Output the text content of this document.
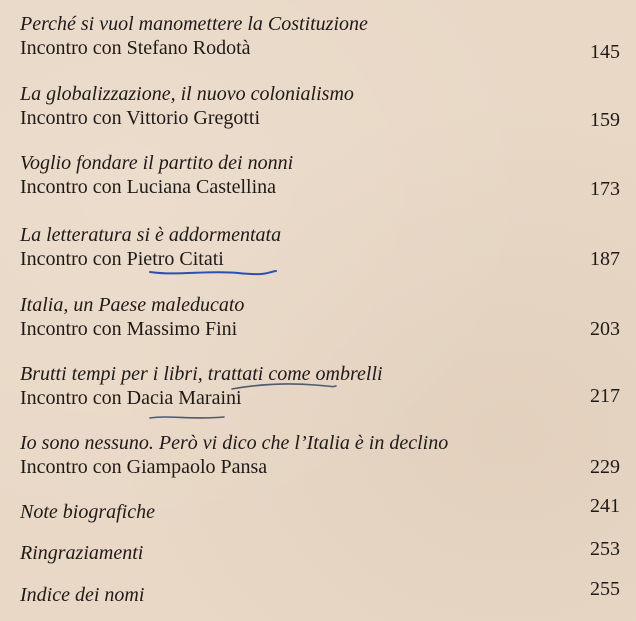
Perché si vuol manomettere la Costituzione
Incontro con Stefano Rodotà	145
La globalizzazione, il nuovo colonialismo
Incontro con Vittorio Gregotti	159
Voglio fondare il partito dei nonni
Incontro con Luciana Castellina	173
La letteratura si è addormentata
Incontro con Pietro Citati	187
Italia, un Paese maleducato
Incontro con Massimo Fini	203
Brutti tempi per i libri, trattati come ombrelli
Incontro con Dacia Maraini	217
Io sono nessuno. Però vi dico che l’Italia è in declino
Incontro con Giampaolo Pansa	229
Note biografiche	241
Ringraziamenti	253
Indice dei nomi	255
